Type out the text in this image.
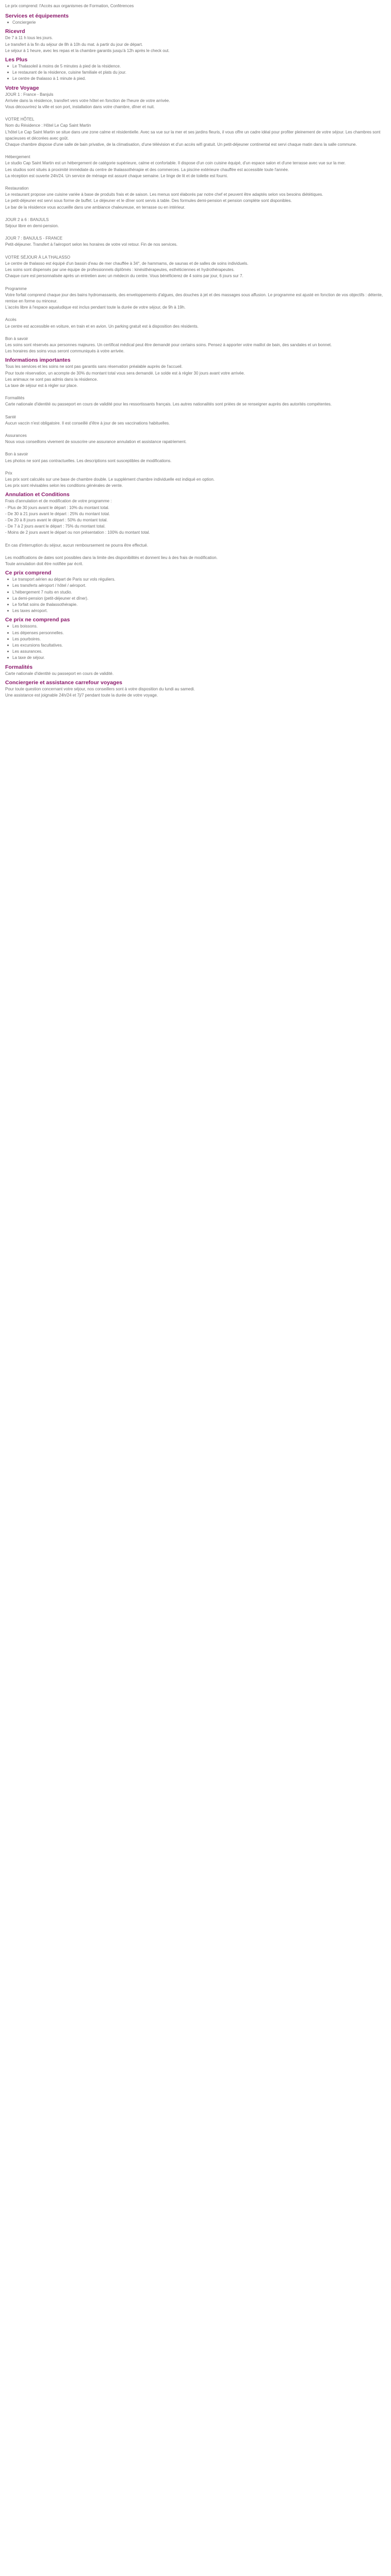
Le prix comprend: l'Accès aux organismes de Formation, Conférences

Services et équipements
Conciergerie
Ricevrd

De 7 à 11 h tous les jours.

Le transfert à la fin du séjour de 8h à 10h du mat. à partir du jour de départ.

Le séjour à 1 heure, avec les repas et la chambre garantis jusqu'à 12h après le check out.

Les Plus
Le Thalasoleil à moins de 5 minutes à pied de la résidence.
Le restaurant de la résidence, cuisine familiale et plats du jour.
Le centre de thalasso à 1 minute à pied.
Votre Voyage

JOUR 1 : France - Banjuls

Arrivée dans la résidence, transfert vers votre hôtel en fonction de l'heure de votre arrivée.

Vous découvrirez la ville et son port, installation dans votre chambre, dîner et nuit.

VOTRE HÔTEL

Nom du Résidence : Hôtel Le Cap Saint Martin

L'hôtel Le Cap Saint Martin se situe dans une zone calme et résidentielle. Avec sa vue sur la mer et ses jardins fleuris, il vous offre un cadre idéal pour profiter pleinement de votre séjour. Les chambres sont spacieuses et décorées avec goût.

Chaque chambre dispose d'une salle de bain privative, de la climatisation, d'une télévision et d'un accès wifi gratuit. Un petit-déjeuner continental est servi chaque matin dans la salle commune.

Hébergement

Le studio Cap Saint Martin est un hébergement de catégorie supérieure, calme et confortable. Il dispose d'un coin cuisine équipé, d'un espace salon et d'une terrasse avec vue sur la mer.

Les studios sont situés à proximité immédiate du centre de thalassothérapie et des commerces. La piscine extérieure chauffée est accessible toute l'année.

La réception est ouverte 24h/24. Un service de ménage est assuré chaque semaine. Le linge de lit et de toilette est fourni.

Restauration

Le restaurant propose une cuisine variée à base de produits frais et de saison. Les menus sont élaborés par notre chef et peuvent être adaptés selon vos besoins diététiques.

Le petit-déjeuner est servi sous forme de buffet. Le déjeuner et le dîner sont servis à table. Des formules demi-pension et pension complète sont disponibles.

Le bar de la résidence vous accueille dans une ambiance chaleureuse, en terrasse ou en intérieur.

JOUR 2 à 6 : BANJULS

Séjour libre en demi-pension.

JOUR 7 : BANJULS - FRANCE

Petit-déjeuner. Transfert à l'aéroport selon les horaires de votre vol retour. Fin de nos services.

VOTRE SÉJOUR À LA THALASSO

Le centre de thalasso est équipé d'un bassin d'eau de mer chauffée à 34°, de hammams, de saunas et de salles de soins individuels.

Les soins sont dispensés par une équipe de professionnels diplômés : kinésithérapeutes, esthéticiennes et hydrothérapeutes.

Chaque cure est personnalisée après un entretien avec un médecin du centre. Vous bénéficierez de 4 soins par jour, 6 jours sur 7.

Programme

Votre forfait comprend chaque jour des bains hydromassants, des enveloppements d'algues, des douches à jet et des massages sous affusion. Le programme est ajusté en fonction de vos objectifs : détente, remise en forme ou minceur.

L'accès libre à l'espace aqualudique est inclus pendant toute la durée de votre séjour, de 9h à 19h.

Accès

Le centre est accessible en voiture, en train et en avion. Un parking gratuit est à disposition des résidents.

Bon à savoir

Les soins sont réservés aux personnes majeures. Un certificat médical peut être demandé pour certains soins. Pensez à apporter votre maillot de bain, des sandales et un bonnet.

Les horaires des soins vous seront communiqués à votre arrivée.

Informations importantes

Tous les services et les soins ne sont pas garantis sans réservation préalable auprès de l'accueil.

Pour toute réservation, un acompte de 30% du montant total vous sera demandé. Le solde est à régler 30 jours avant votre arrivée.

Les animaux ne sont pas admis dans la résidence.

La taxe de séjour est à régler sur place.

Formalités

Carte nationale d'identité ou passeport en cours de validité pour les ressortissants français. Les autres nationalités sont priées de se renseigner auprès des autorités compétentes.

Santé

Aucun vaccin n'est obligatoire. Il est conseillé d'être à jour de ses vaccinations habituelles.

Assurances

Nous vous conseillons vivement de souscrire une assurance annulation et assistance rapatriement.

Bon à savoir

Les photos ne sont pas contractuelles. Les descriptions sont susceptibles de modifications.

Prix

Les prix sont calculés sur une base de chambre double. Le supplément chambre individuelle est indiqué en option.

Les prix sont révisables selon les conditions générales de vente.

Annulation et Conditions

Frais d'annulation et de modification de votre programme :

- Plus de 30 jours avant le départ : 10% du montant total.

- De 30 à 21 jours avant le départ : 25% du montant total.

- De 20 à 8 jours avant le départ : 50% du montant total.

- De 7 à 2 jours avant le départ : 75% du montant total.

- Moins de 2 jours avant le départ ou non présentation : 100% du montant total.

En cas d'interruption du séjour, aucun remboursement ne pourra être effectué.

Les modifications de dates sont possibles dans la limite des disponibilités et donnent lieu à des frais de modification.

Toute annulation doit être notifiée par écrit.

Ce prix comprend
Le transport aérien au départ de Paris sur vols réguliers.
Les transferts aéroport / hôtel / aéroport.
L'hébergement 7 nuits en studio.
La demi-pension (petit-déjeuner et dîner).
Le forfait soins de thalassothérapie.
Les taxes aéroport.
Ce prix ne comprend pas
Les boissons.
Les dépenses personnelles.
Les pourboires.
Les excursions facultatives.
Les assurances.
La taxe de séjour.
Formalités

Carte nationale d'identité ou passeport en cours de validité.

Conciergerie et assistance carrefour voyages

Pour toute question concernant votre séjour, nos conseillers sont à votre disposition du lundi au samedi.

Une assistance est joignable 24h/24 et 7j/7 pendant toute la durée de votre voyage.
